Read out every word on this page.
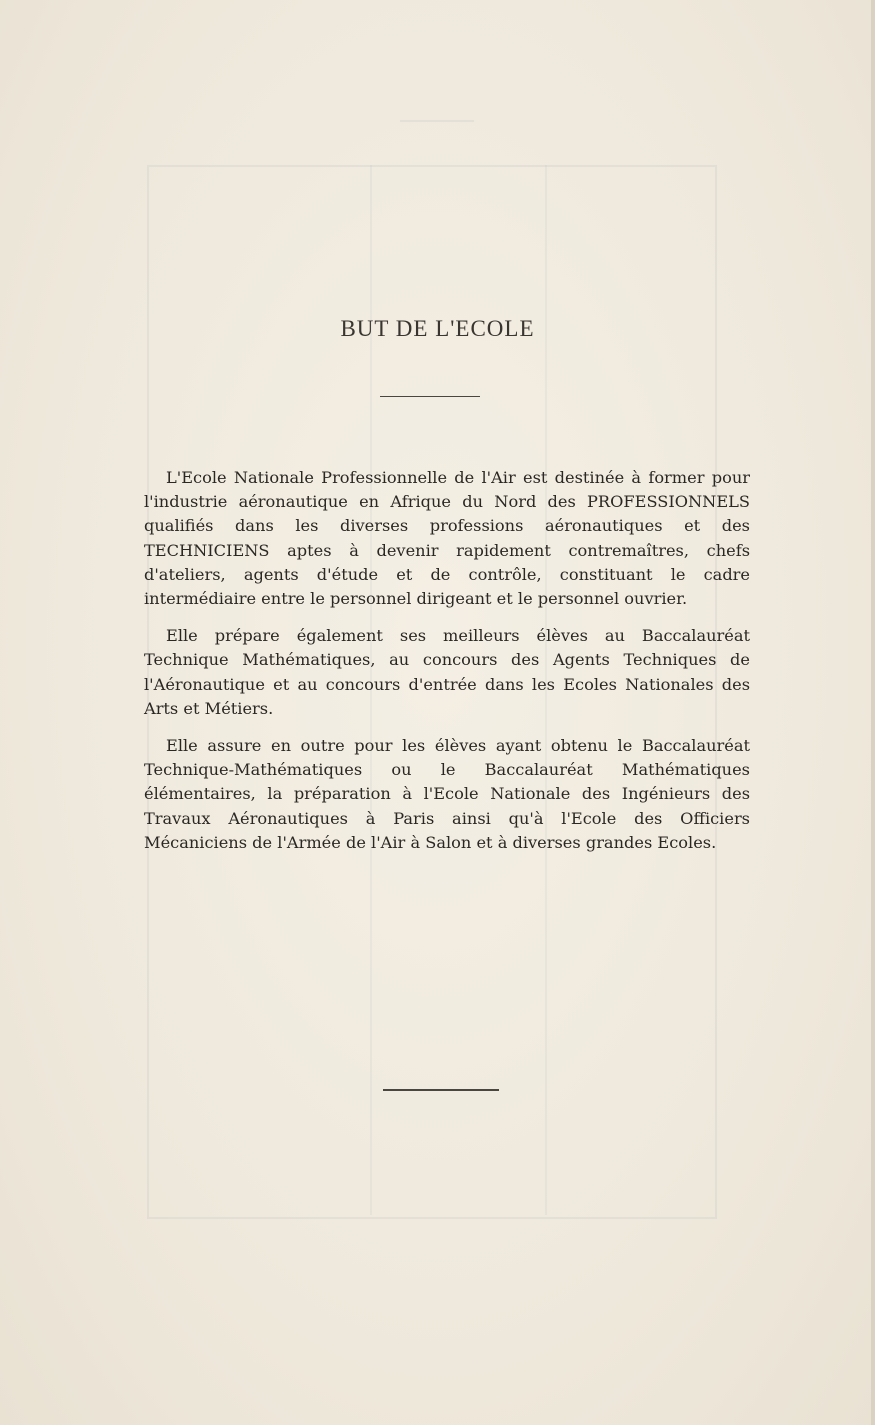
BUT DE L'ECOLE

L'Ecole Nationale Professionnelle de l'Air est destinée à former pour l'industrie aéronautique en Afrique du Nord des PROFESSIONNELS qualifiés dans les diverses professions aéronautiques et des TECHNICIENS aptes à devenir rapidement contremaîtres, chefs d'ateliers, agents d'étude et de contrôle, constituant le cadre intermédiaire entre le personnel dirigeant et le personnel ouvrier.

Elle prépare également ses meilleurs élèves au Baccalauréat Technique Mathématiques, au concours des Agents Techniques de l'Aéronautique et au concours d'entrée dans les Ecoles Nationales des Arts et Métiers.

Elle assure en outre pour les élèves ayant obtenu le Baccalauréat Technique-Mathématiques ou le Baccalauréat Mathématiques élémentaires, la préparation à l'Ecole Nationale des Ingénieurs des Travaux Aéronautiques à Paris ainsi qu'à l'Ecole des Officiers Mécaniciens de l'Armée de l'Air à Salon et à diverses grandes Ecoles.
